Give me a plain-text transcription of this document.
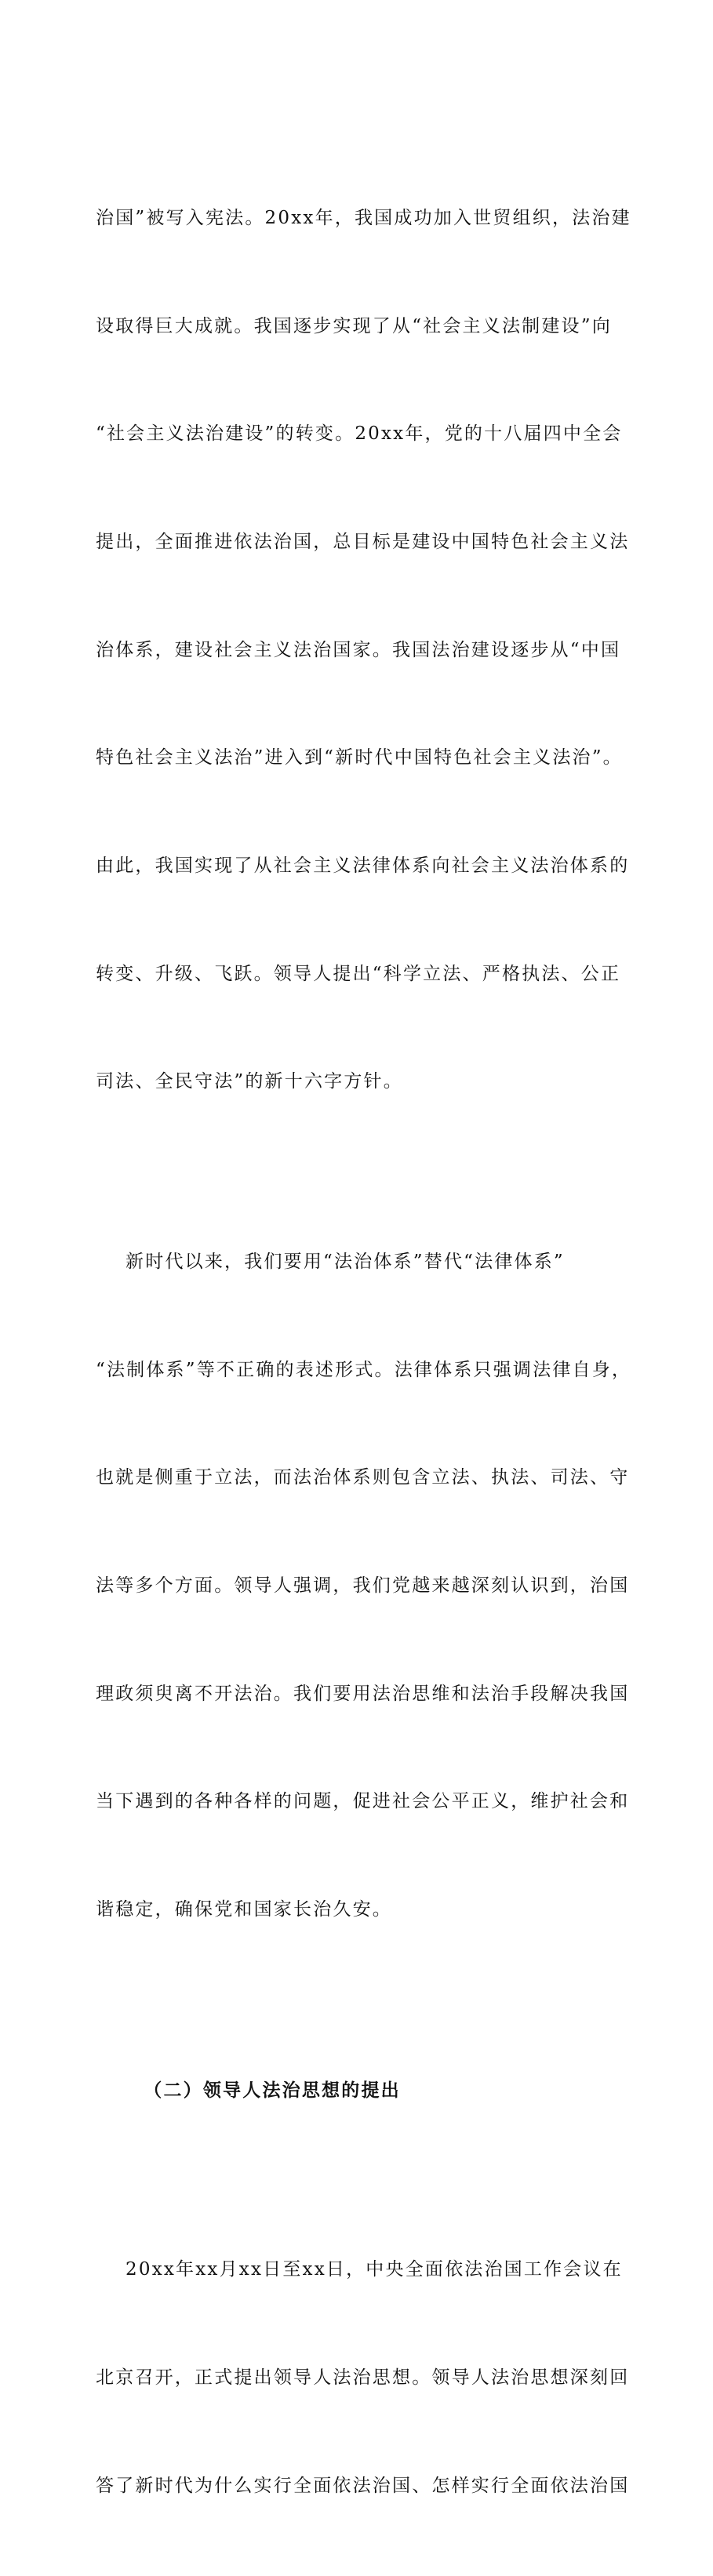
治国”被写入宪法。20xx年，我国成功加入世贸组织，法治建

设取得巨大成就。我国逐步实现了从“社会主义法制建设”向

“社会主义法治建设”的转变。20xx年，党的十八届四中全会

提出，全面推进依法治国，总目标是建设中国特色社会主义法

治体系，建设社会主义法治国家。我国法治建设逐步从“中国

特色社会主义法治”进入到“新时代中国特色社会主义法治”。

由此，我国实现了从社会主义法律体系向社会主义法治体系的

转变、升级、飞跃。领导人提出“科学立法、严格执法、公正

司法、全民守法”的新十六字方针。

新时代以来，我们要用“法治体系”替代“法律体系”

“法制体系”等不正确的表述形式。法律体系只强调法律自身，

也就是侧重于立法，而法治体系则包含立法、执法、司法、守

法等多个方面。领导人强调，我们党越来越深刻认识到，治国

理政须臾离不开法治。我们要用法治思维和法治手段解决我国

当下遇到的各种各样的问题，促进社会公平正义，维护社会和

谐稳定，确保党和国家长治久安。

（二）领导人法治思想的提出

20xx年xx月xx日至xx日，中央全面依法治国工作会议在

北京召开，正式提出领导人法治思想。领导人法治思想深刻回

答了新时代为什么实行全面依法治国、怎样实行全面依法治国
